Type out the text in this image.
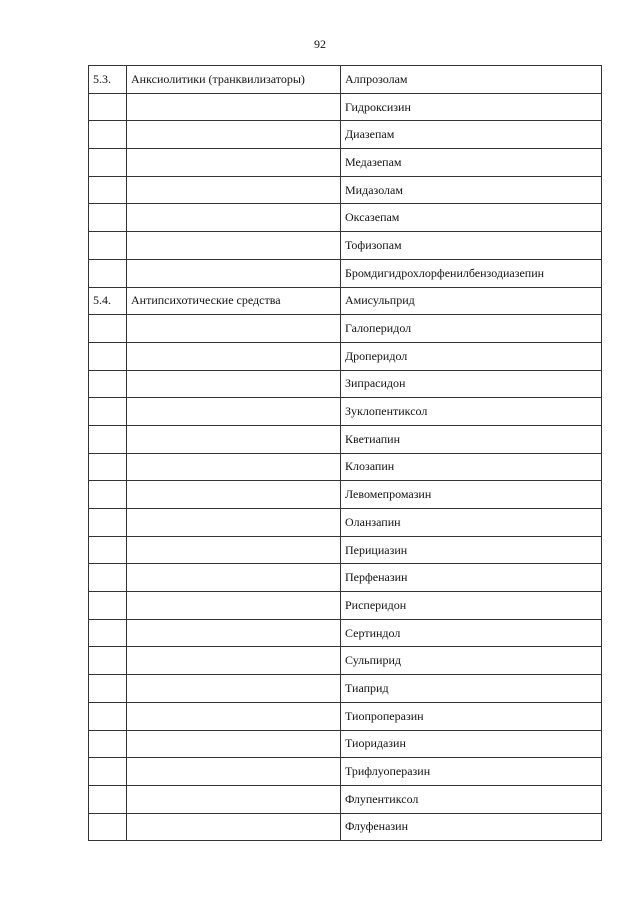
92
5.3.	Анксиолитики (транквилизаторы)	Алпрозолам
		Гидроксизин
		Диазепам
		Медазепам
		Мидазолам
		Оксазепам
		Тофизопам
		Бромдигидрохлорфенилбензодиазепин
5.4.	Антипсихотические средства	Амисульприд
		Галоперидол
		Дроперидол
		Зипрасидон
		Зуклопентиксол
		Кветиапин
		Клозапин
		Левомепромазин
		Оланзапин
		Перициазин
		Перфеназин
		Рисперидон
		Сертиндол
		Сульпирид
		Тиаприд
		Тиопроперазин
		Тиоридазин
		Трифлуоперазин
		Флупентиксол
		Флуфеназин
